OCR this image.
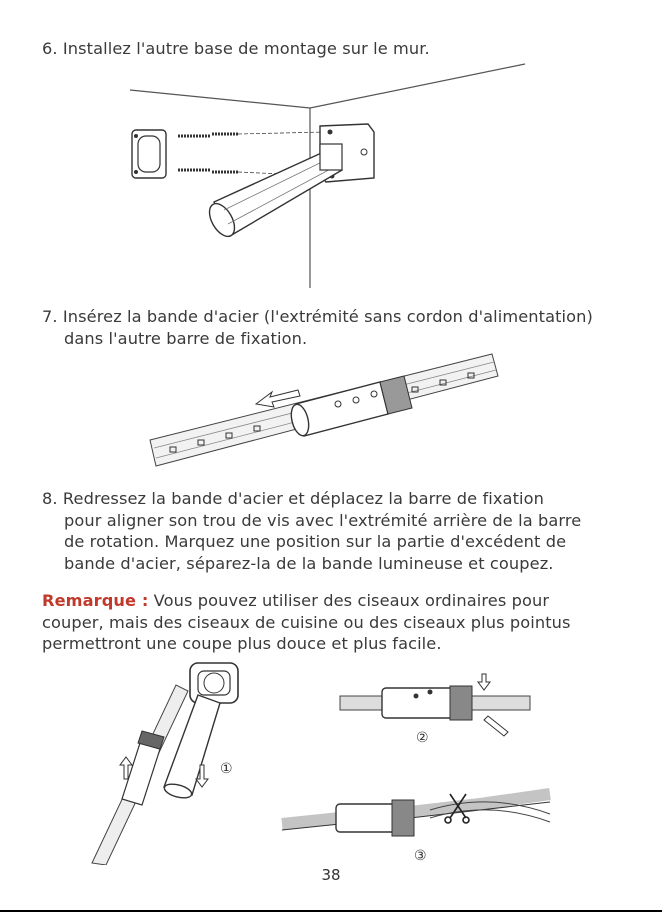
6. Installez l'autre base de montage sur le mur.
7. Insérez la bande d'acier (l'extrémité sans cordon d'alimentation)
dans l'autre barre de fixation.
8. Redressez la bande d'acier et déplacez la barre de fixation
pour aligner son trou de vis avec l'extrémité arrière de la barre
de rotation. Marquez une position sur la partie d'excédent de
bande d'acier, séparez-la de la bande lumineuse et coupez.
Remarque : Vous pouvez utiliser des ciseaux ordinaires pour
couper, mais des ciseaux de cuisine ou des ciseaux plus pointus
permettront une coupe plus douce et plus facile.
①
②
③
38
